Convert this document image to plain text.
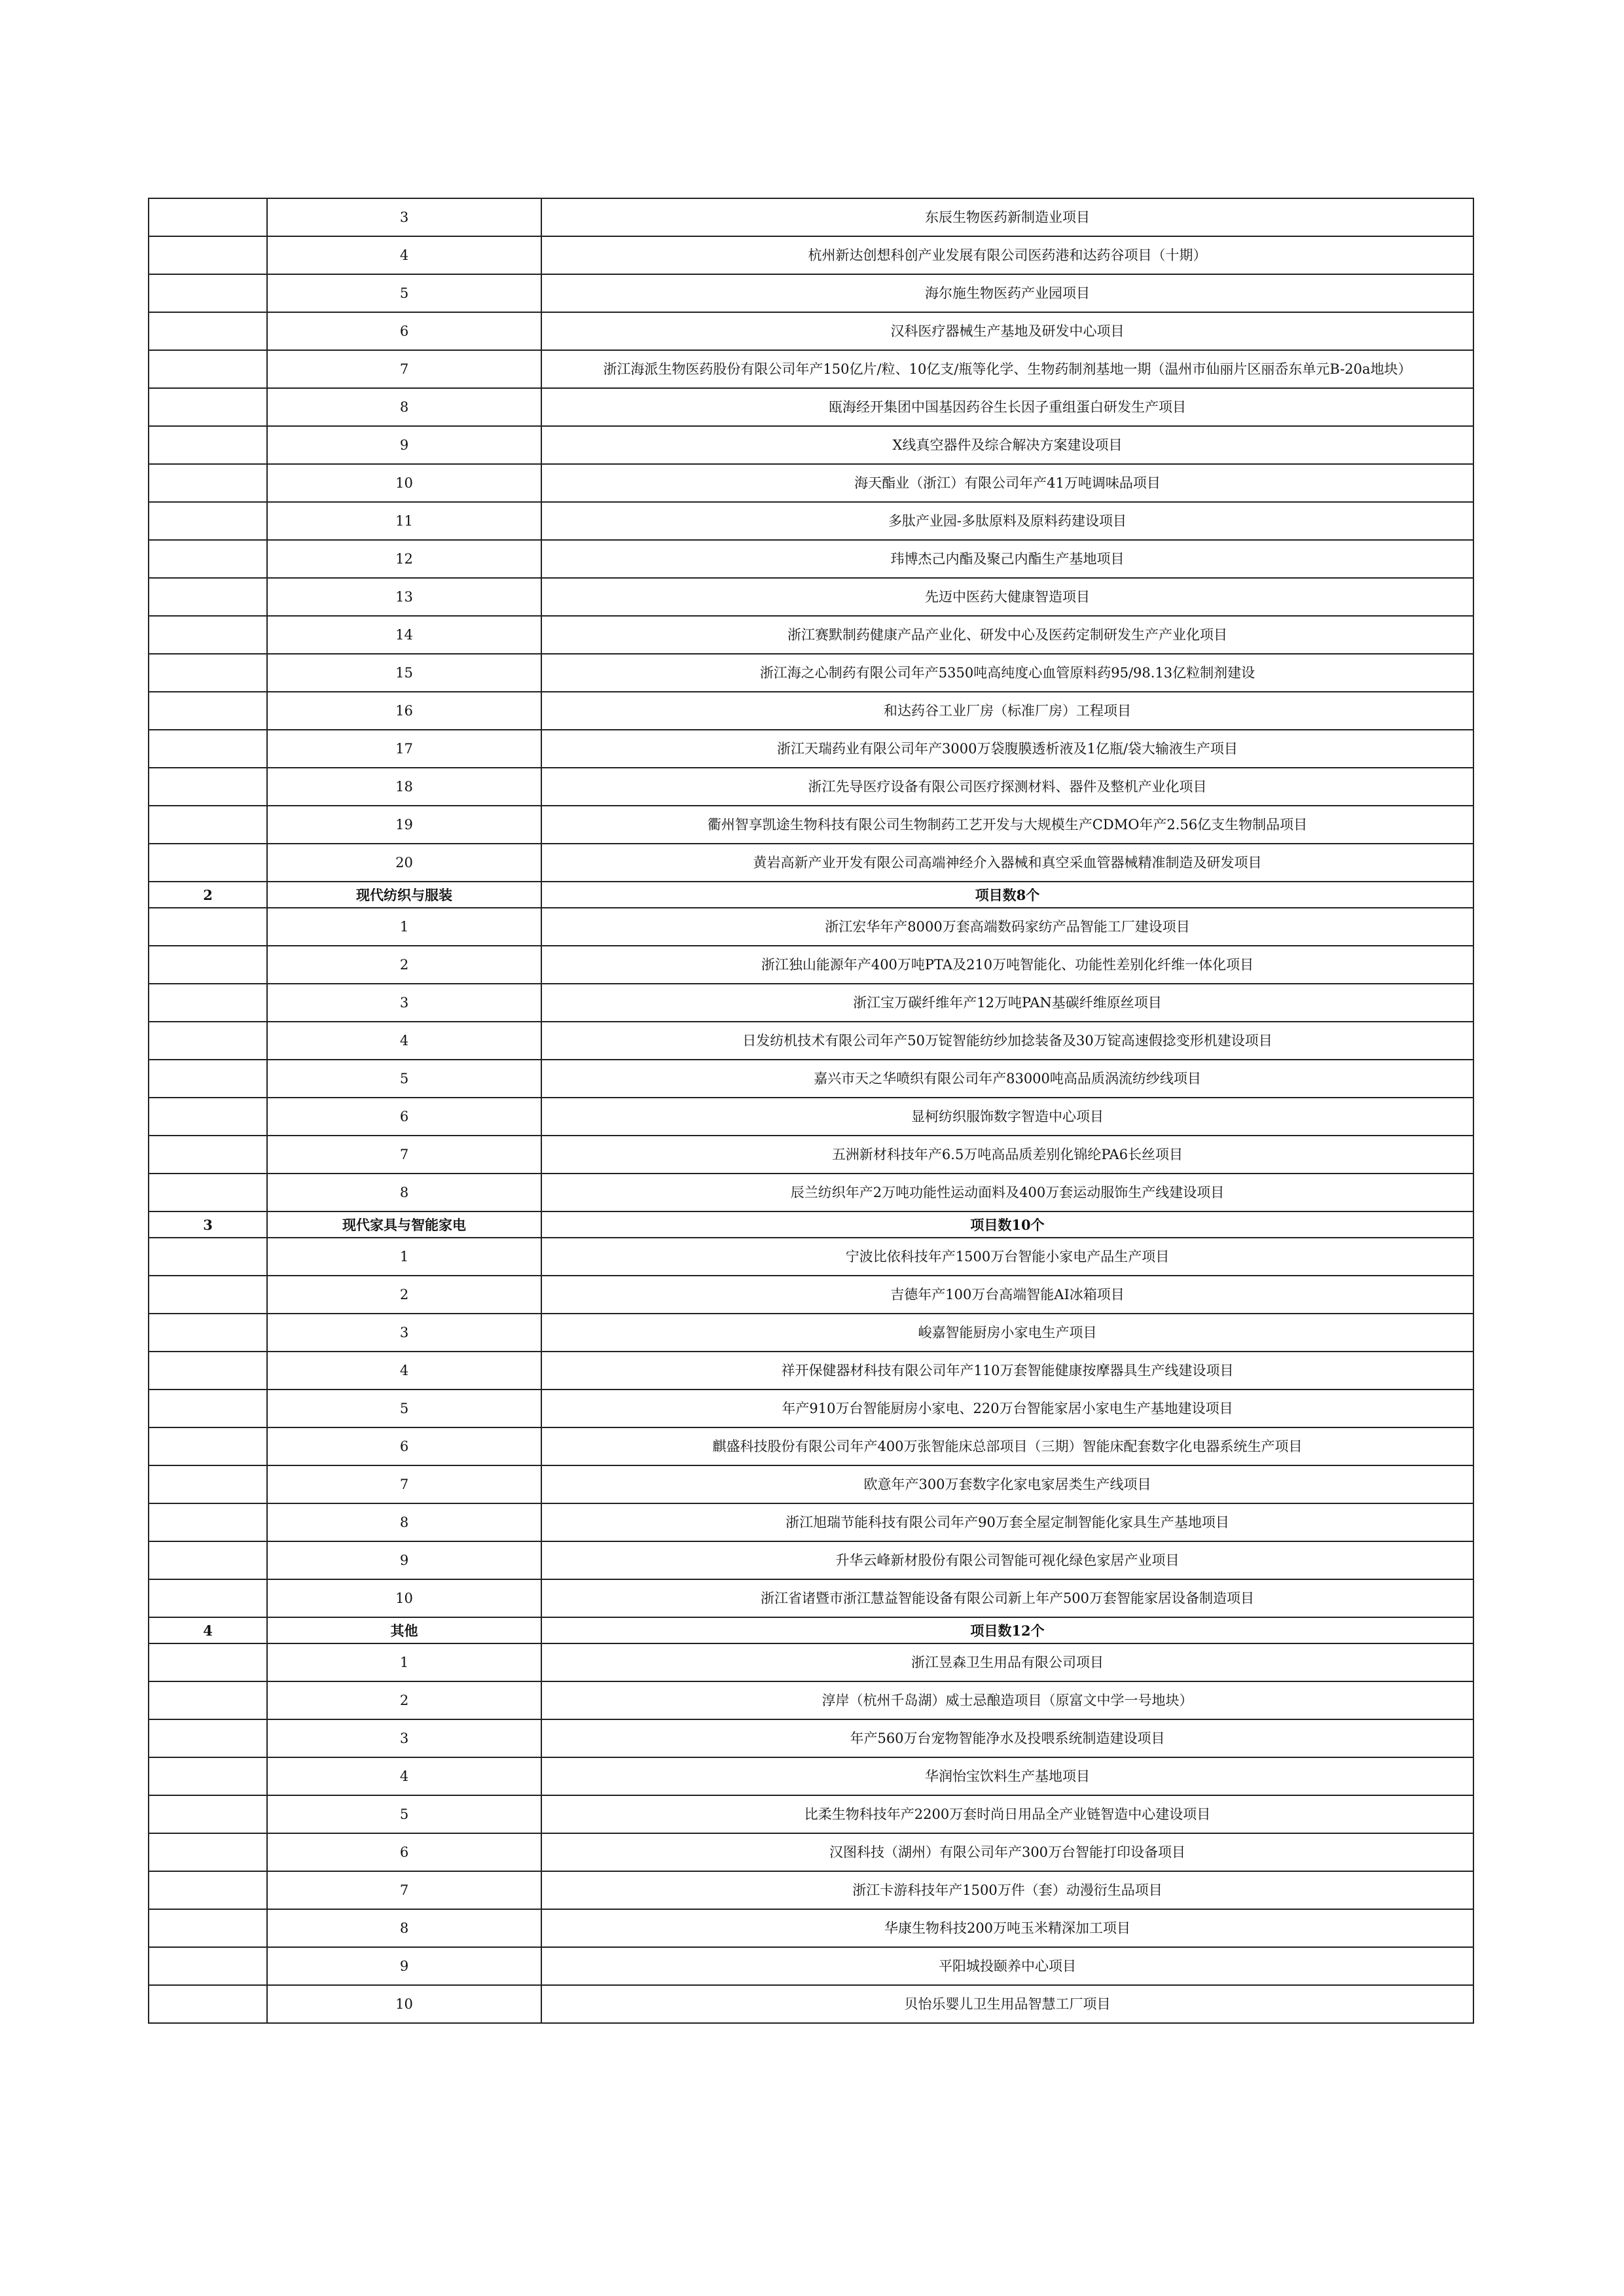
	3	东辰生物医药新制造业项目
	4	杭州新达创想科创产业发展有限公司医药港和达药谷项目（十期）
	5	海尔施生物医药产业园项目
	6	汉科医疗器械生产基地及研发中心项目
	7	浙江海派生物医药股份有限公司年产150亿片/粒、10亿支/瓶等化学、生物药制剂基地一期（温州市仙丽片区丽岙东单元B-20a地块）
	8	瓯海经开集团中国基因药谷生长因子重组蛋白研发生产项目
	9	X线真空器件及综合解决方案建设项目
	10	海天酯业（浙江）有限公司年产41万吨调味品项目
	11	多肽产业园-多肽原料及原料药建设项目
	12	玮博杰己内酯及聚己内酯生产基地项目
	13	先迈中医药大健康智造项目
	14	浙江赛默制药健康产品产业化、研发中心及医药定制研发生产产业化项目
	15	浙江海之心制药有限公司年产5350吨高纯度心血管原料药95/98.13亿粒制剂建设
	16	和达药谷工业厂房（标准厂房）工程项目
	17	浙江天瑞药业有限公司年产3000万袋腹膜透析液及1亿瓶/袋大输液生产项目
	18	浙江先导医疗设备有限公司医疗探测材料、器件及整机产业化项目
	19	衢州智享凯途生物科技有限公司生物制药工艺开发与大规模生产CDMO年产2.56亿支生物制品项目
	20	黄岩高新产业开发有限公司高端神经介入器械和真空采血管器械精准制造及研发项目
2	现代纺织与服装	项目数8个
	1	浙江宏华年产8000万套高端数码家纺产品智能工厂建设项目
	2	浙江独山能源年产400万吨PTA及210万吨智能化、功能性差别化纤维一体化项目
	3	浙江宝万碳纤维年产12万吨PAN基碳纤维原丝项目
	4	日发纺机技术有限公司年产50万锭智能纺纱加捻装备及30万锭高速假捻变形机建设项目
	5	嘉兴市天之华喷织有限公司年产83000吨高品质涡流纺纱线项目
	6	显柯纺织服饰数字智造中心项目
	7	五洲新材科技年产6.5万吨高品质差别化锦纶PA6长丝项目
	8	辰兰纺织年产2万吨功能性运动面料及400万套运动服饰生产线建设项目
3	现代家具与智能家电	项目数10个
	1	宁波比依科技年产1500万台智能小家电产品生产项目
	2	吉德年产100万台高端智能AI冰箱项目
	3	峻嘉智能厨房小家电生产项目
	4	祥开保健器材科技有限公司年产110万套智能健康按摩器具生产线建设项目
	5	年产910万台智能厨房小家电、220万台智能家居小家电生产基地建设项目
	6	麒盛科技股份有限公司年产400万张智能床总部项目（三期）智能床配套数字化电器系统生产项目
	7	欧意年产300万套数字化家电家居类生产线项目
	8	浙江旭瑞节能科技有限公司年产90万套全屋定制智能化家具生产基地项目
	9	升华云峰新材股份有限公司智能可视化绿色家居产业项目
	10	浙江省诸暨市浙江慧益智能设备有限公司新上年产500万套智能家居设备制造项目
4	其他	项目数12个
	1	浙江昱森卫生用品有限公司项目
	2	淳岸（杭州千岛湖）威士忌酿造项目（原富文中学一号地块）
	3	年产560万台宠物智能净水及投喂系统制造建设项目
	4	华润怡宝饮料生产基地项目
	5	比柔生物科技年产2200万套时尚日用品全产业链智造中心建设项目
	6	汉图科技（湖州）有限公司年产300万台智能打印设备项目
	7	浙江卡游科技年产1500万件（套）动漫衍生品项目
	8	华康生物科技200万吨玉米精深加工项目
	9	平阳城投颐养中心项目
	10	贝怡乐婴儿卫生用品智慧工厂项目
